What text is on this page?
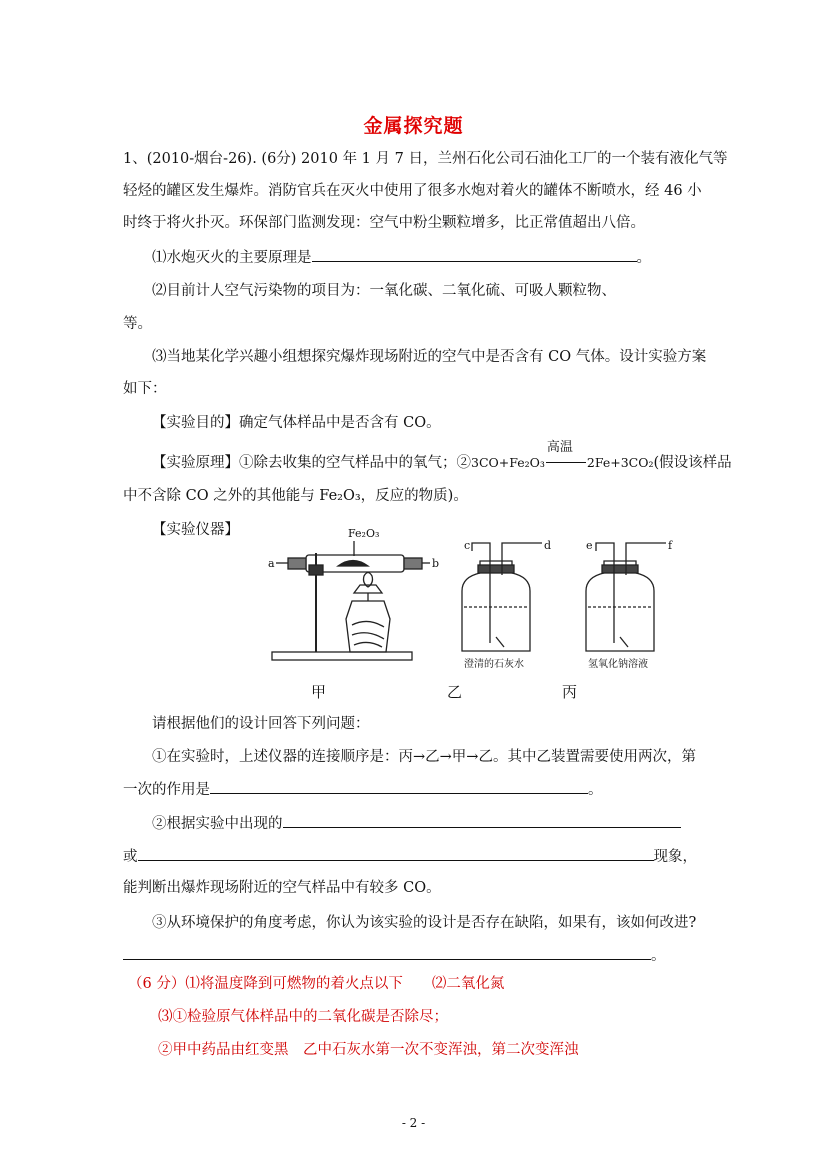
金属探究题
1、(2010-烟台-26). (6分) 2010 年 1 月 7 日，兰州石化公司石油化工厂的一个装有液化气等
轻烃的罐区发生爆炸。消防官兵在灭火中使用了很多水炮对着火的罐体不断喷水，经 46 小
时终于将火扑灭。环保部门监测发现：空气中粉尘颗粒增多，比正常值超出八倍。
⑴水炮灭火的主要原理是	。
⑵目前计人空气污染物的项目为：一氧化碳、二氧化硫、可吸人颗粒物、
等。
⑶当地某化学兴趣小组想探究爆炸现场附近的空气中是否含有 CO 气体。设计实验方案
如下：
【实验目的】确定气体样品中是否含有 CO。
【实验原理】①除去收集的空气样品中的氧气；②3CO+Fe₂O₃
高温
2Fe+3CO₂(假设该样品
中不含除 CO 之外的其他能与 Fe₂O₃，反应的物质)。
【实验仪器】	Fe₂O₃
a	b
c	d	e	f
澄清的石灰水	氢氧化钠溶液
甲	乙	丙
请根据他们的设计回答下列问题：
①在实验时，上述仪器的连接顺序是：丙→乙→甲→乙。其中乙装置需要使用两次，第
一次的作用是	。
②根据实验中出现的
或	现象，
能判断出爆炸现场附近的空气样品中有较多 CO。
③从环境保护的角度考虑，你认为该实验的设计是否存在缺陷，如果有，该如何改进?
。
（6 分）⑴将温度降到可燃物的着火点以下　　⑵二氧化氮
⑶①检验原气体样品中的二氧化碳是否除尽；
②甲中药品由红变黑　乙中石灰水第一次不变浑浊，第二次变浑浊
- 2 -
